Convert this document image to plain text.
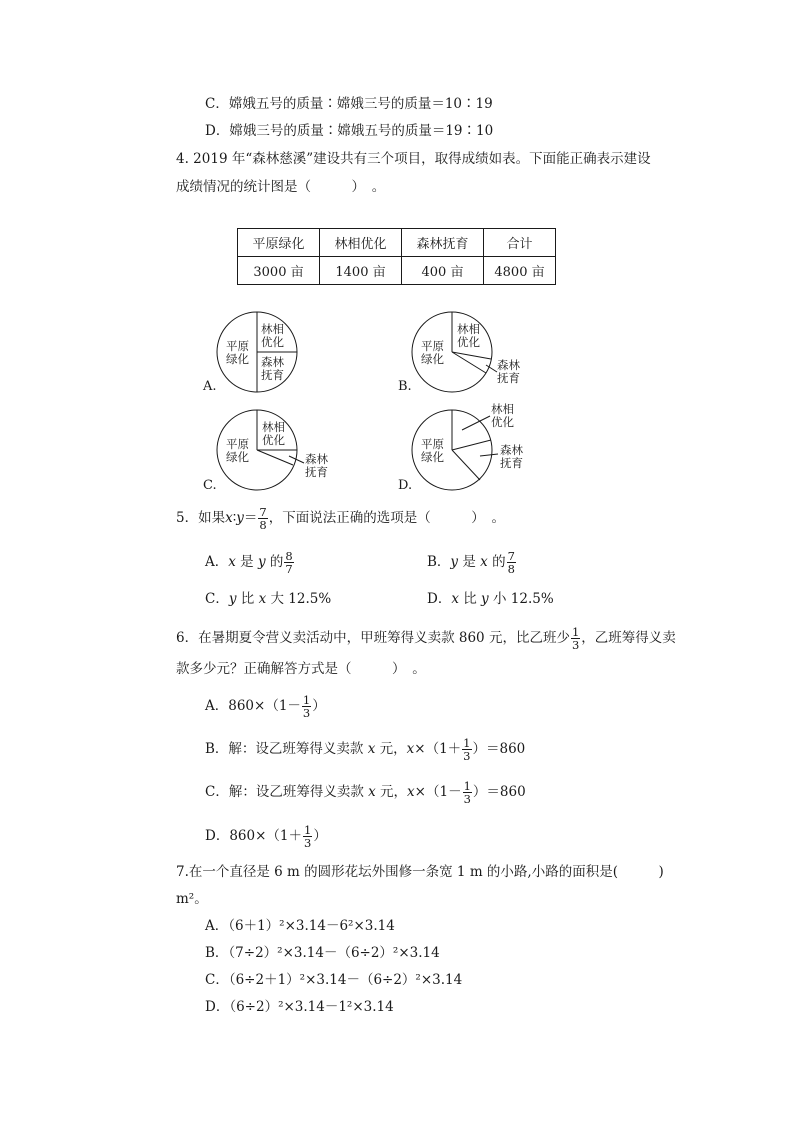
C．嫦娥五号的质量∶嫦娥三号的质量＝10∶19
D．嫦娥三号的质量∶嫦娥五号的质量＝19∶10
4. 2019 年“森林慈溪”建设共有三个项目，取得成绩如表。下面能正确表示建设
成绩情况的统计图是（　　　）　。
平原绿化	林相优化	森林抚育	合计
3000 亩	1400 亩	400 亩	4800 亩
平原
绿化
林相
优化
森林
抚育
A.
平原
绿化
林相
优化
森林
抚育
B.
平原
绿化
林相
优化
森林
抚育
C.
林相
优化
平原
绿化	森林
抚育
D.
5．如果x∶y＝ $\frac{7}{8}$ ，下面说法正确的选项是（　　　）　。
A．x 是 y 的 $\frac{8}{7}$	B．y 是 x 的 $\frac{7}{8}$
C．y 比 x 大 12.5%	D．x 比 y 小 12.5%
6．在暑期夏令营义卖活动中，甲班筹得义卖款 860 元，比乙班少 $\frac{1}{3}$ ，乙班筹得义卖
款多少元？正确解答方式是（　　　）　。
A．$860\times(1- \frac{1}{3}$ ）
B．解：设乙班筹得义卖款 x 元，$x\times(1+ \frac{1}{3} )=860$
C．解：设乙班筹得义卖款 x 元，$x\times(1- \frac{1}{3} )=860$
D．$860\times(1+ \frac{1}{3}$ ）
7.在一个直径是 6 m 的圆形花坛外围修一条宽 1 m 的小路,小路的面积是(　　　)
m²。
A．（6＋1）²×3.14－6²×3.14
B．（7÷2）²×3.14－（6÷2）²×3.14
C．（6÷2＋1）²×3.14－（6÷2）²×3.14
D．（6÷2）²×3.14－1²×3.14
